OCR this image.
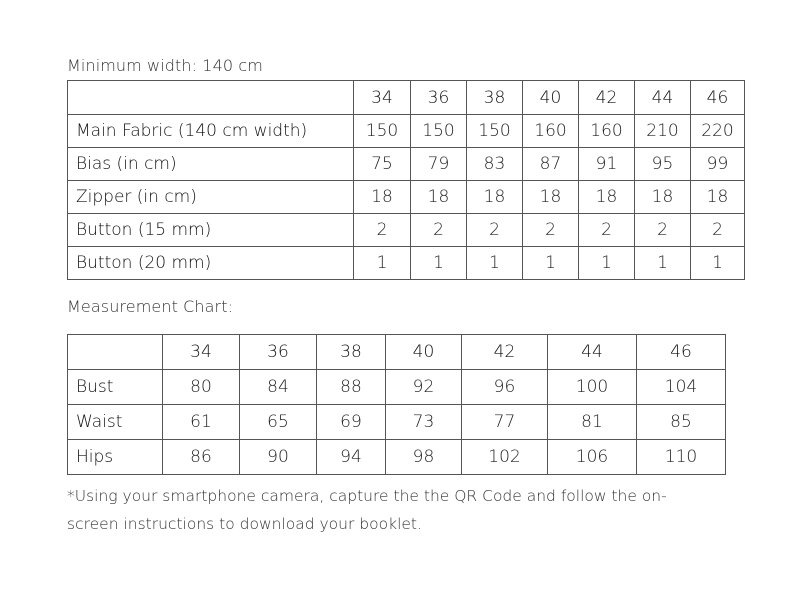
Minimum width: 140 cm
	34	36	38	40	42	44	46
Main Fabric (140 cm width)	150	150	150	160	160	210	220
Bias (in cm)	75	79	83	87	91	95	99
Zipper (in cm)	18	18	18	18	18	18	18
Button (15 mm)	2	2	2	2	2	2	2
Button (20 mm)	1	1	1	1	1	1	1
Measurement Chart:
	34	36	38	40	42	44	46
Bust	80	84	88	92	96	100	104
Waist	61	65	69	73	77	81	85
Hips	86	90	94	98	102	106	110
*Using your smartphone camera, capture the the QR Code and follow the on-screen instructions to download your booklet.
